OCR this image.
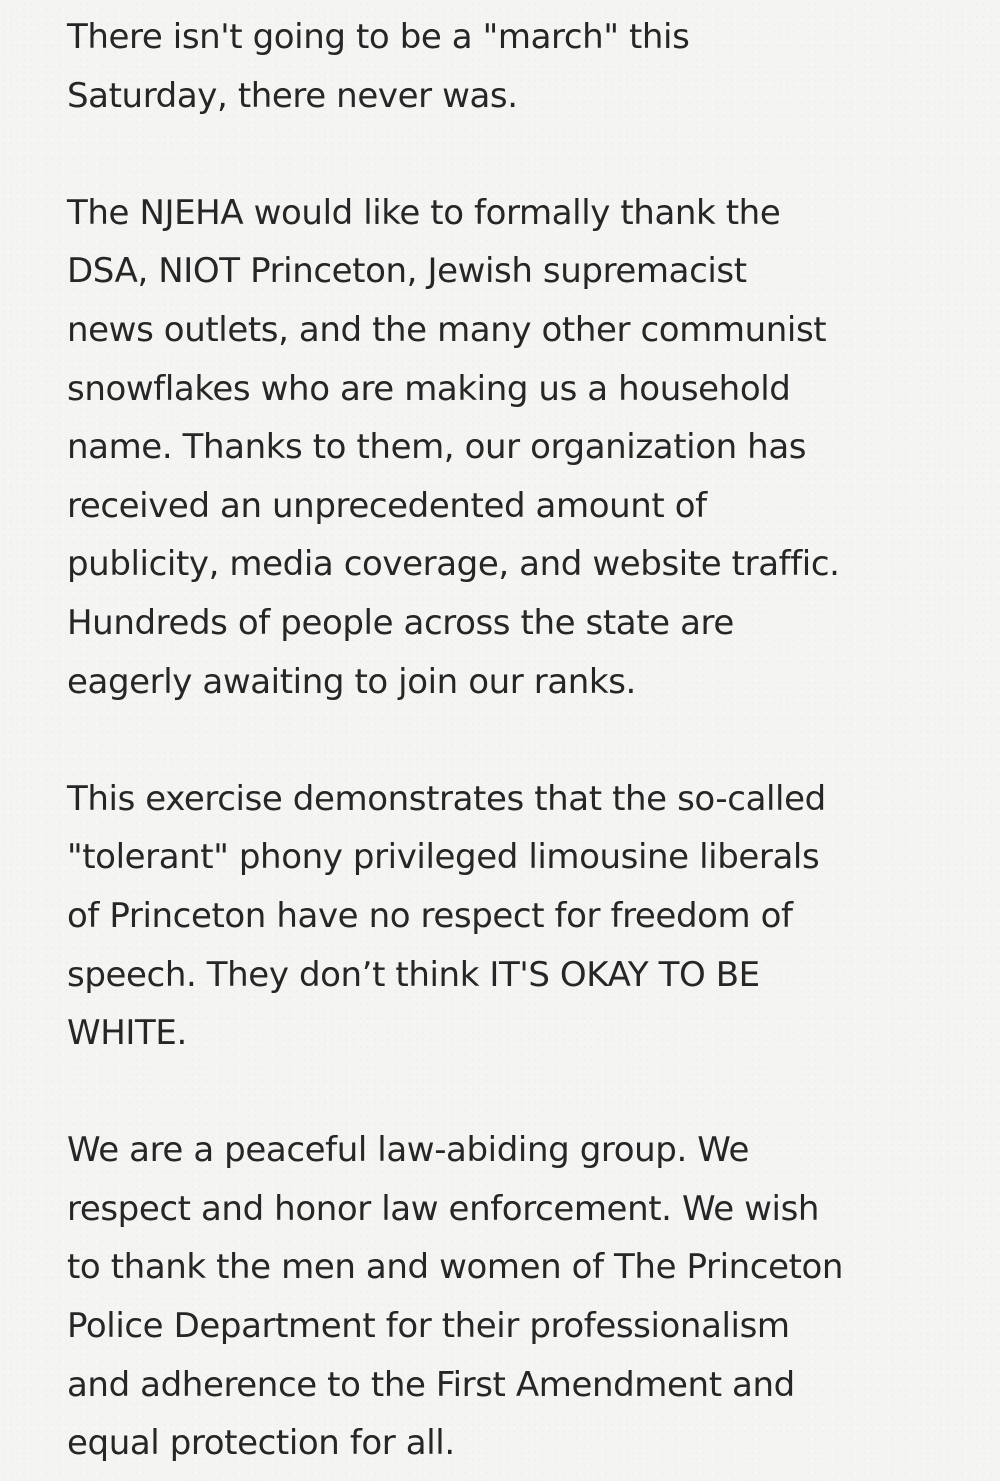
There isn't going to be a "march" this
Saturday, there never was.

The NJEHA would like to formally thank the
DSA, NIOT Princeton, Jewish supremacist
news outlets, and the many other communist
snowflakes who are making us a household
name. Thanks to them, our organization has
received an unprecedented amount of
publicity, media coverage, and website traffic.
Hundreds of people across the state are
eagerly awaiting to join our ranks.

This exercise demonstrates that the so-called
"tolerant" phony privileged limousine liberals
of Princeton have no respect for freedom of
speech. They don’t think IT'S OKAY TO BE
WHITE.

We are a peaceful law-abiding group. We
respect and honor law enforcement. We wish
to thank the men and women of The Princeton
Police Department for their professionalism
and adherence to the First Amendment and
equal protection for all.
